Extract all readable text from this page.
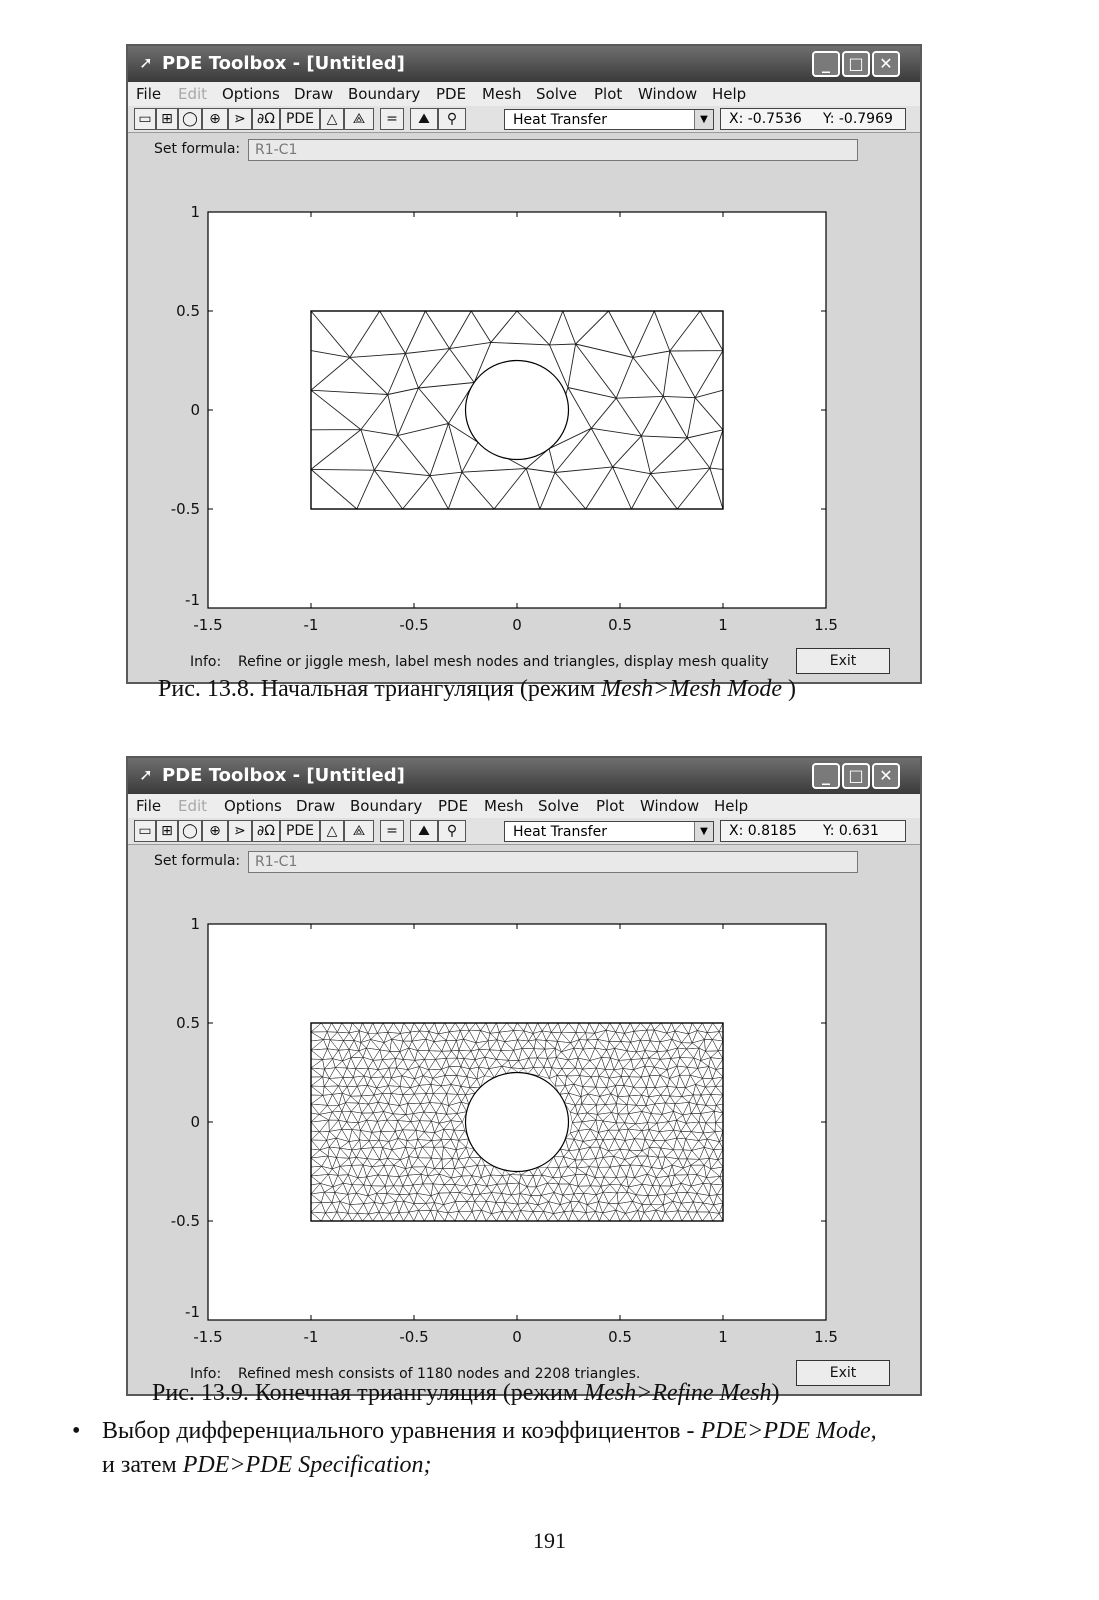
➚ PDE Toolbox - [Untitled]	_	□ ✕
File Edit Options Draw Boundary PDE Mesh Solve Plot Window Help
▭ ⊞ ◯ ⊕ ⋗ ∂Ω PDE △	⟁	=	⛰	⚲	Heat Transfer	▼	X: -0.7536 Y: -0.7969
Set formula:	R1-C1
-1.5	-1	-0.5	0	0.5	1	1.5
1
0.5
0
-0.5
-1
Info: Refine or jiggle mesh, label mesh nodes and triangles, display mesh quality	Exit
Рис. 13.8. Начальная триангуляция (режим Mesh>Mesh Mode )
➚ PDE Toolbox - [Untitled]	_	□ ✕
File Edit Options Draw Boundary PDE Mesh Solve Plot Window Help
▭ ⊞ ◯ ⊕ ⋗ ∂Ω PDE △	⟁	=	⛰	⚲	Heat Transfer	▼	X: 0.8185 Y: 0.631
Set formula:	R1-C1
-1.5	-1	-0.5	0	0.5	1	1.5
1
0.5
0
-0.5
-1
Info: Refined mesh consists of 1180 nodes and 2208 triangles.	Exit
Рис. 13.9. Конечная триангуляция (режим Mesh>Refine Mesh)
• Выбор дифференциального уравнения и коэффициентов - PDE>PDE Mode,
и затем PDE>PDE Specification;
191
